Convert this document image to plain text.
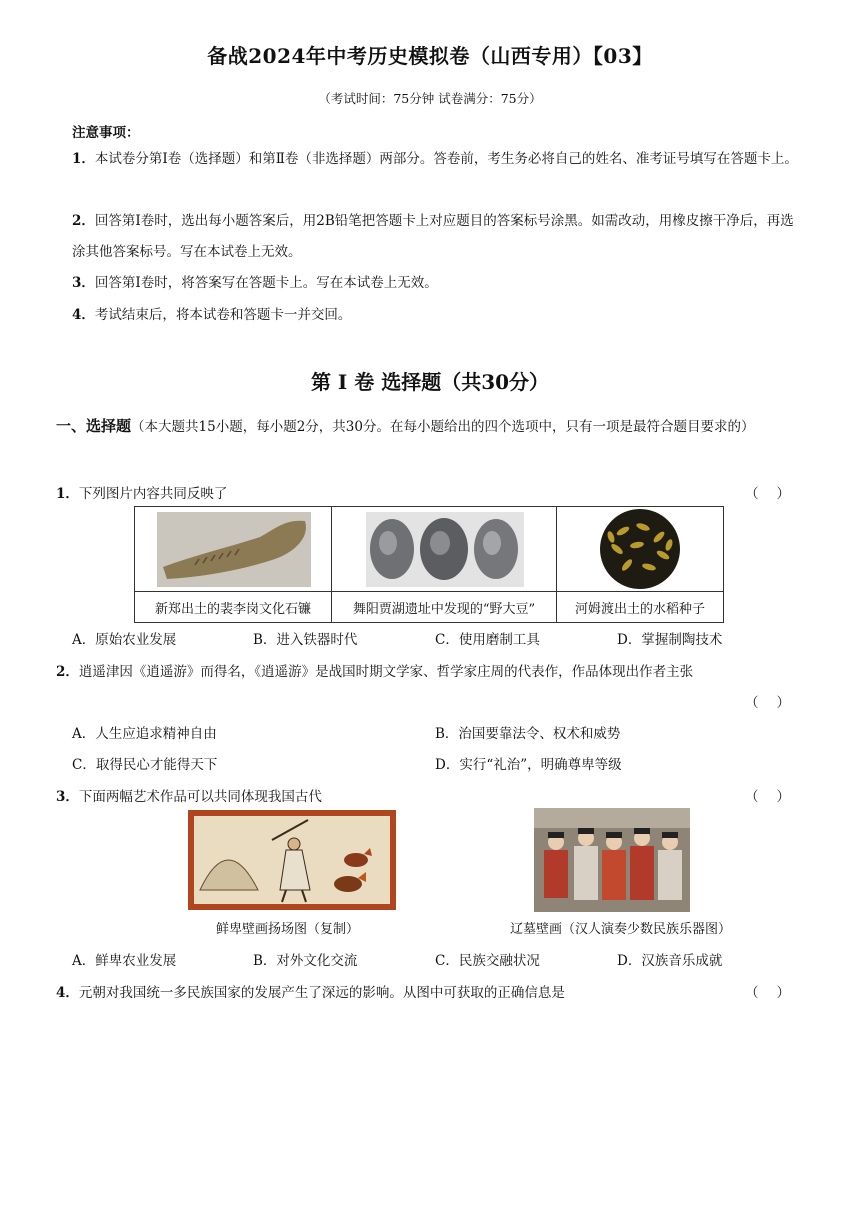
备战2024年中考历史模拟卷（山西专用）【03】
（考试时间：75分钟 试卷满分：75分）
注意事项：
1．本试卷分第Ⅰ卷（选择题）和第Ⅱ卷（非选择题）两部分。答卷前，考生务必将自己的姓名、准考证号填写在答题卡上。
2．回答第Ⅰ卷时，选出每小题答案后，用2B铅笔把答题卡上对应题目的答案标号涂黑。如需改动，用橡皮擦干净后，再选涂其他答案标号。写在本试卷上无效。
3．回答第Ⅰ卷时，将答案写在答题卡上。写在本试卷上无效。
4．考试结束后，将本试卷和答题卡一并交回。
第 Ⅰ 卷 选择题（共30分）
一、选择题（本大题共15小题，每小题2分，共30分。在每小题给出的四个选项中，只有一项是最符合题目要求的）
1．下列图片内容共同反映了	（）

新郑出土的裴李岗文化石镰	舞阳贾湖遗址中发现的“野大豆”	河姆渡出土的水稻种子
A．原始农业发展	B．进入铁器时代	C．使用磨制工具	D．掌握制陶技术
2．逍遥津因《逍遥游》而得名，《逍遥游》是战国时期文学家、哲学家庄周的代表作，作品体现出作者主张
（）
A．人生应追求精神自由	B．治国要靠法令、权术和威势
C．取得民心才能得天下	D．实行“礼治”，明确尊卑等级
3．下面两幅艺术作品可以共同体现我国古代	（）
鲜卑壁画扬场图（复制）	辽墓壁画（汉人演奏少数民族乐器图）
A．鲜卑农业发展	B．对外文化交流	C．民族交融状况	D．汉族音乐成就
4．元朝对我国统一多民族国家的发展产生了深远的影响。从图中可获取的正确信息是	（）
